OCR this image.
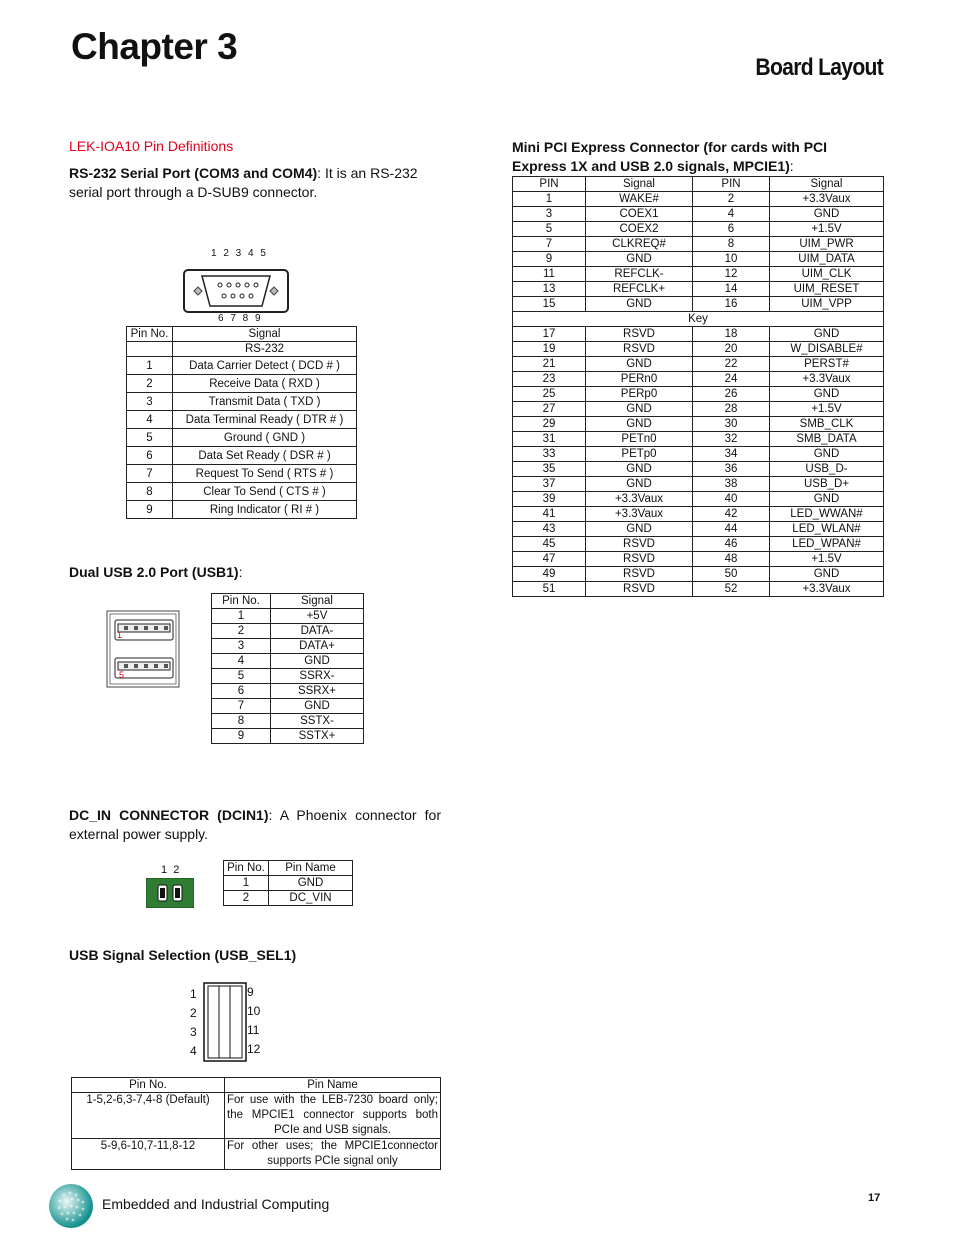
Chapter 3
Board Layout
LEK-IOA10 Pin Definitions
RS-232 Serial Port (COM3 and COM4): It is an RS-232 serial port through a D-SUB9 connector.
1 2 3 4 5
6 7 8 9
Pin No.	Signal
	RS-232
1	Data Carrier Detect ( DCD # )
2	Receive Data ( RXD )
3	Transmit Data ( TXD )
4	Data Terminal Ready ( DTR # )
5	Ground ( GND )
6	Data Set Ready ( DSR # )
7	Request To Send ( RTS # )
8	Clear To Send ( CTS # )
9	Ring Indicator ( RI # )
Dual USB 2.0 Port (USB1):
1
5
Pin No.	Signal
1	+5V
2	DATA-
3	DATA+
4	GND
5	SSRX-
6	SSRX+
7	GND
8	SSTX-
9	SSTX+
DC_IN CONNECTOR (DCIN1): A Phoenix connector for external power supply.
1  2	Pin No.	Pin Name
1	GND
2	DC_VIN
USB Signal Selection (USB_SEL1)
1
2
3
4
9
10
11
12
Pin No.	Pin Name
1-5,2-6,3-7,4-8 (Default)	For use with the LEB-7230 board only; the MPCIE1 connector supports both PCIe and USB signals.
5-9,6-10,7-11,8-12	For other uses; the MPCIE1connector supports PCIe signal only
Mini PCI Express Connector (for cards with PCI Express 1X and USB 2.0 signals, MPCIE1):
PIN	Signal	PIN	Signal
1	WAKE#	2	+3.3Vaux
3	COEX1	4	GND
5	COEX2	6	+1.5V
7	CLKREQ#	8	UIM_PWR
9	GND	10	UIM_DATA
11	REFCLK-	12	UIM_CLK
13	REFCLK+	14	UIM_RESET
15	GND	16	UIM_VPP
Key			
17	RSVD	18	GND
19	RSVD	20	W_DISABLE#
21	GND	22	PERST#
23	PERn0	24	+3.3Vaux
25	PERp0	26	GND
27	GND	28	+1.5V
29	GND	30	SMB_CLK
31	PETn0	32	SMB_DATA
33	PETp0	34	GND
35	GND	36	USB_D-
37	GND	38	USB_D+
39	+3.3Vaux	40	GND
41	+3.3Vaux	42	LED_WWAN#
43	GND	44	LED_WLAN#
45	RSVD	46	LED_WPAN#
47	RSVD	48	+1.5V
49	RSVD	50	GND
51	RSVD	52	+3.3Vaux
Embedded and Industrial Computing	17
